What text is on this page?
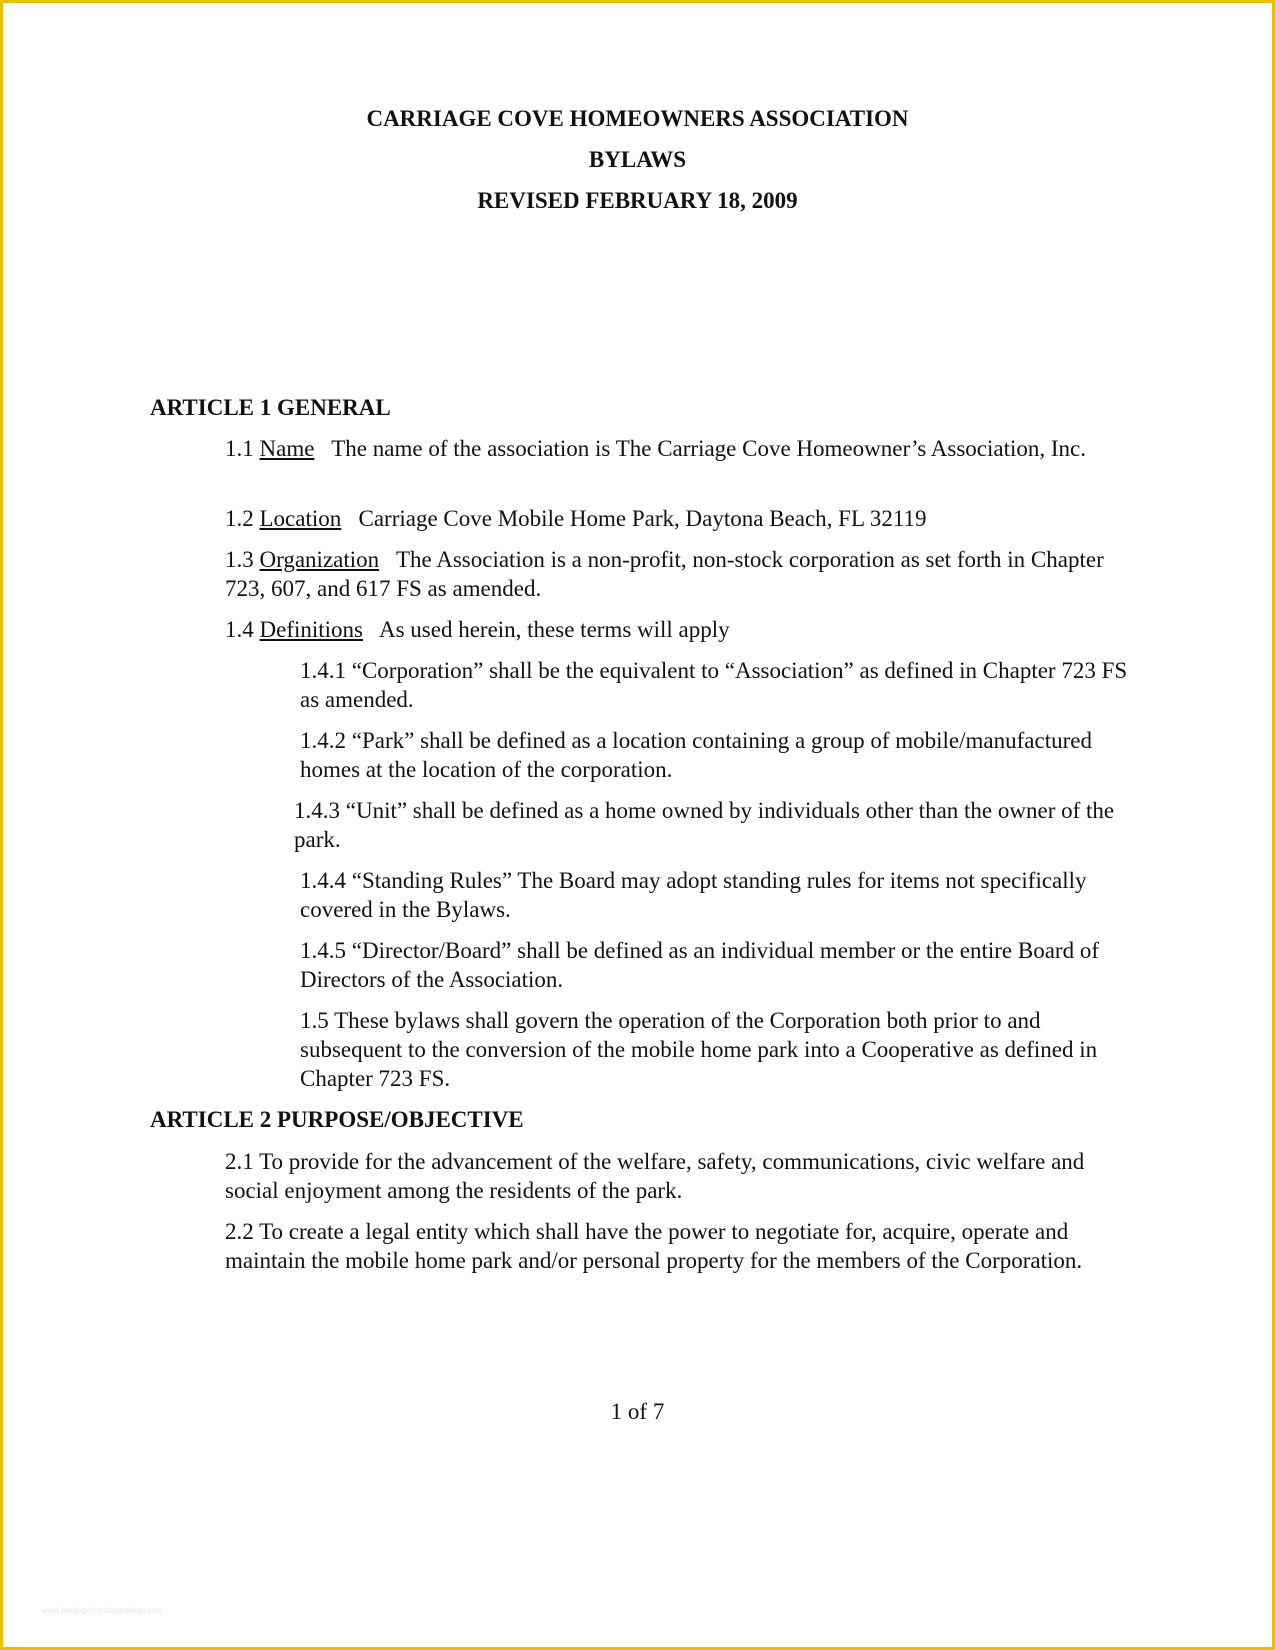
CARRIAGE COVE HOMEOWNERS ASSOCIATION
BYLAWS
REVISED FEBRUARY 18, 2009
ARTICLE 1 GENERAL

1.1 Name   The name of the association is The Carriage Cove Homeowner’s Association, Inc.

1.2 Location   Carriage Cove Mobile Home Park, Daytona Beach, FL 32119

1.3 Organization   The Association is a non-profit, non-stock corporation as set forth in Chapter 723, 607, and 617 FS as amended.

1.4 Definitions   As used herein, these terms will apply

1.4.1 “Corporation” shall be the equivalent to “Association” as defined in Chapter 723 FS as amended.

1.4.2 “Park” shall be defined as a location containing a group of mobile/manufactured homes at the location of the corporation.

1.4.3 “Unit” shall be defined as a home owned by individuals other than the owner of the park.

1.4.4 “Standing Rules” The Board may adopt standing rules for items not specifically covered in the Bylaws.

1.4.5 “Director/Board” shall be defined as an individual member or the entire Board of Directors of the Association.

1.5 These bylaws shall govern the operation of the Corporation both prior to and subsequent to the conversion of the mobile home park into a Cooperative as defined in Chapter 723 FS.

ARTICLE 2 PURPOSE/OBJECTIVE

2.1 To provide for the advancement of the welfare, safety, communications, civic welfare and social enjoyment among the residents of the park.

2.2 To create a legal entity which shall have the power to negotiate for, acquire, operate and maintain the mobile home park and/or personal property for the members of the Corporation.

1 of 7
www.heritagechristiancollege.com
